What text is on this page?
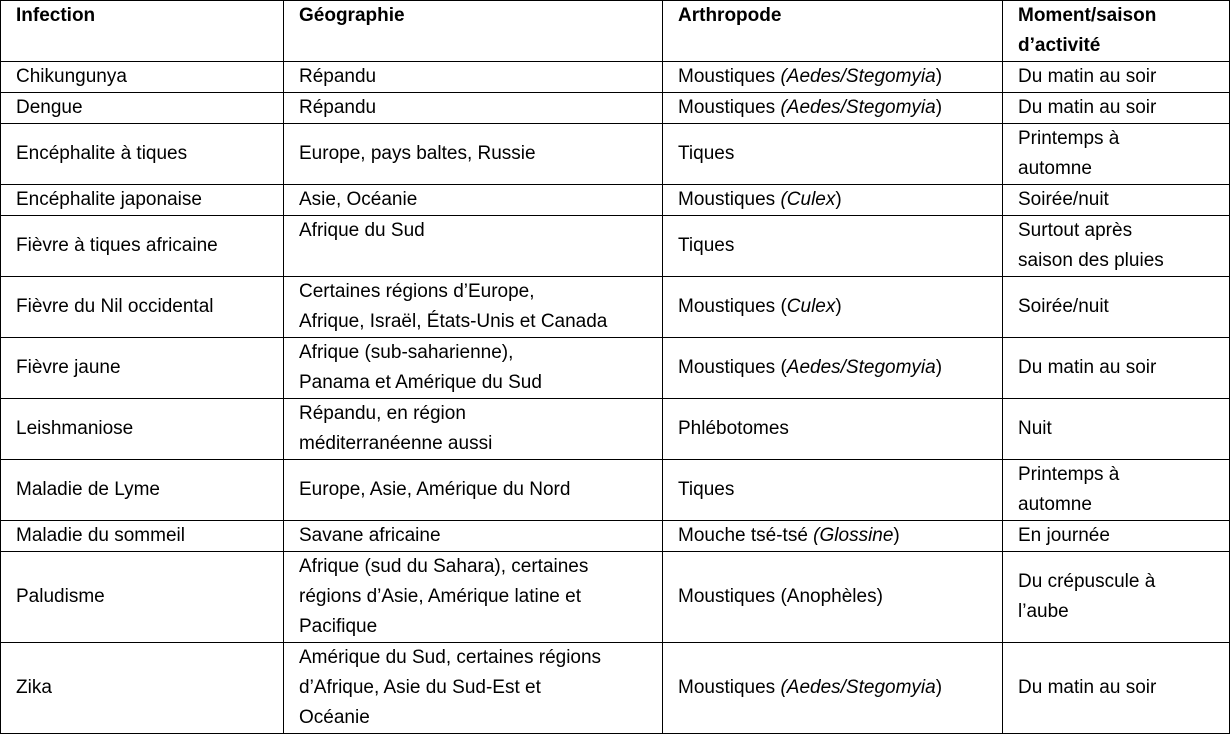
Infection	Géographie	Arthropode	Moment/saison
d’activité

Chikungunya	Répandu	Moustiques (Aedes/Stegomyia)	Du matin au soir

Dengue	Répandu	Moustiques (Aedes/Stegomyia)	Du matin au soir

Encéphalite à tiques	Europe, pays baltes, Russie	Tiques	Printemps à
automne

Encéphalite japonaise	Asie, Océanie	Moustiques (Culex)	Soirée/nuit

Fièvre à tiques africaine	Afrique du Sud	Tiques	Surtout après
saison des pluies

Fièvre du Nil occidental	Certaines régions d’Europe,
Afrique, Israël, États-Unis et Canada	Moustiques (Culex)	Soirée/nuit

Fièvre jaune	Afrique (sub-saharienne),
Panama et Amérique du Sud	Moustiques (Aedes/Stegomyia)	Du matin au soir

Leishmaniose	Répandu, en région
méditerranéenne aussi	Phlébotomes	Nuit

Maladie de Lyme	Europe, Asie, Amérique du Nord	Tiques	Printemps à
automne

Maladie du sommeil	Savane africaine	Mouche tsé-tsé (Glossine)	En journée

Paludisme	Afrique (sud du Sahara), certaines
régions d’Asie, Amérique latine et
Pacifique	Moustiques (Anophèles)	Du crépuscule à
l’aube

Zika	Amérique du Sud, certaines régions
d’Afrique, Asie du Sud-Est et
Océanie	Moustiques (Aedes/Stegomyia)	Du matin au soir
